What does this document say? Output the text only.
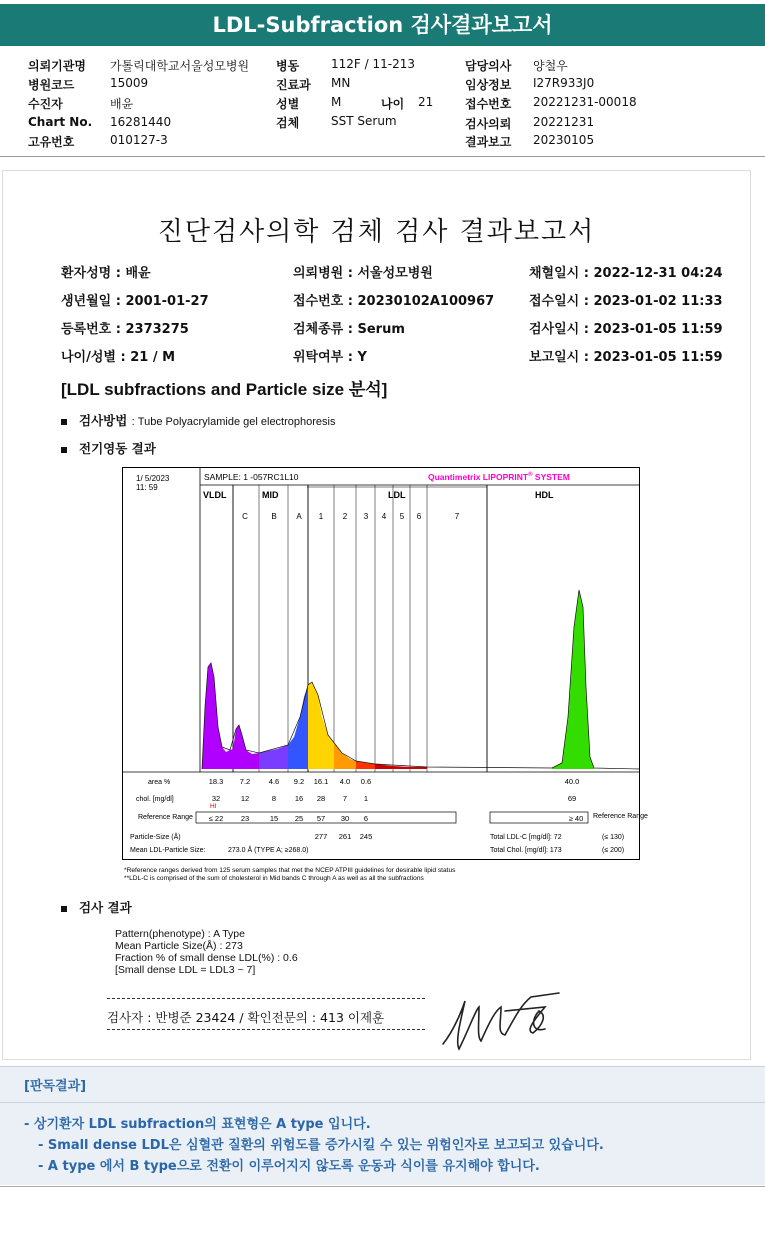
LDL-Subfraction 검사결과보고서
의뢰기관명 가톨릭대학교서울성모병원 병동	112F / 11-213	담당의사 양철우
병원코드	15009	진료과 MN	임상정보 I27R933J0
수진자	배윤	성별	M	나이 21	접수번호 20221231-00018
Chart No. 16281440	검체	SST Serum	검사의뢰 20221231
고유번호	010127-3	결과보고 20230105
진단검사의학 검체 검사 결과보고서
환자성명 : 배윤	의뢰병원 : 서울성모병원	채혈일시 : 2022-12-31 04:24
생년월일 : 2001-01-27	접수번호 : 20230102A100967	접수일시 : 2023-01-02 11:33
등록번호 : 2373275	검체종류 : Serum	검사일시 : 2023-01-05 11:59
나이/성별 : 21 / M	위탁여부 : Y	보고일시 : 2023-01-05 11:59
[LDL subfractions and Particle size 분석]
검사방법 : Tube Polyacrylamide gel electrophoresis
전기영동 결과
1/ 5/2023
11: 59
SAMPLE: 1 -057RC1L10	Quantimetrix LIPOPRINT® SYSTEM
VLDL	MID	LDL	HDL
C	B A 1 2 3 4 5 6	7
area %	18.3 7.2 4.6 9.2 16.1 4.0 0.6	40.0
chol. [mg/dl]	32	12	8 16 28 7 1	69
HI
Reference Range ≤ 22 23	15 25 57 30 6	≥ 40 Reference Range
Particle-Size (Å)	277 261 245
Mean LDL-Particle Size:	273.0 Å (TYPE A; ≥268.0)
Total LDL-C [mg/dl]: 72	(≤ 130)
Total Chol. [mg/dl]: 173	(≤ 200)
*Reference ranges derived from 125 serum samples that met the NCEP ATPIII guidelines for desirable lipid status
**LDL-C is comprised of the sum of cholesterol in Mid bands C through A as well as all the subfractions
검사 결과
Pattern(phenotype) : A Type
Mean Particle Size(Å) : 273
Fraction % of small dense LDL(%) : 0.6
[Small dense LDL = LDL3 ~ 7]
검사자 : 반병준 23424 / 확인전문의 : 413 이제훈
[판독결과]
- 상기환자 LDL subfraction의 표현형은 A type 입니다.
- Small dense LDL은 심혈관 질환의 위험도를 증가시킬 수 있는 위험인자로 보고되고 있습니다.
- A type 에서 B type으로 전환이 이루어지지 않도록 운동과 식이를 유지해야 합니다.
